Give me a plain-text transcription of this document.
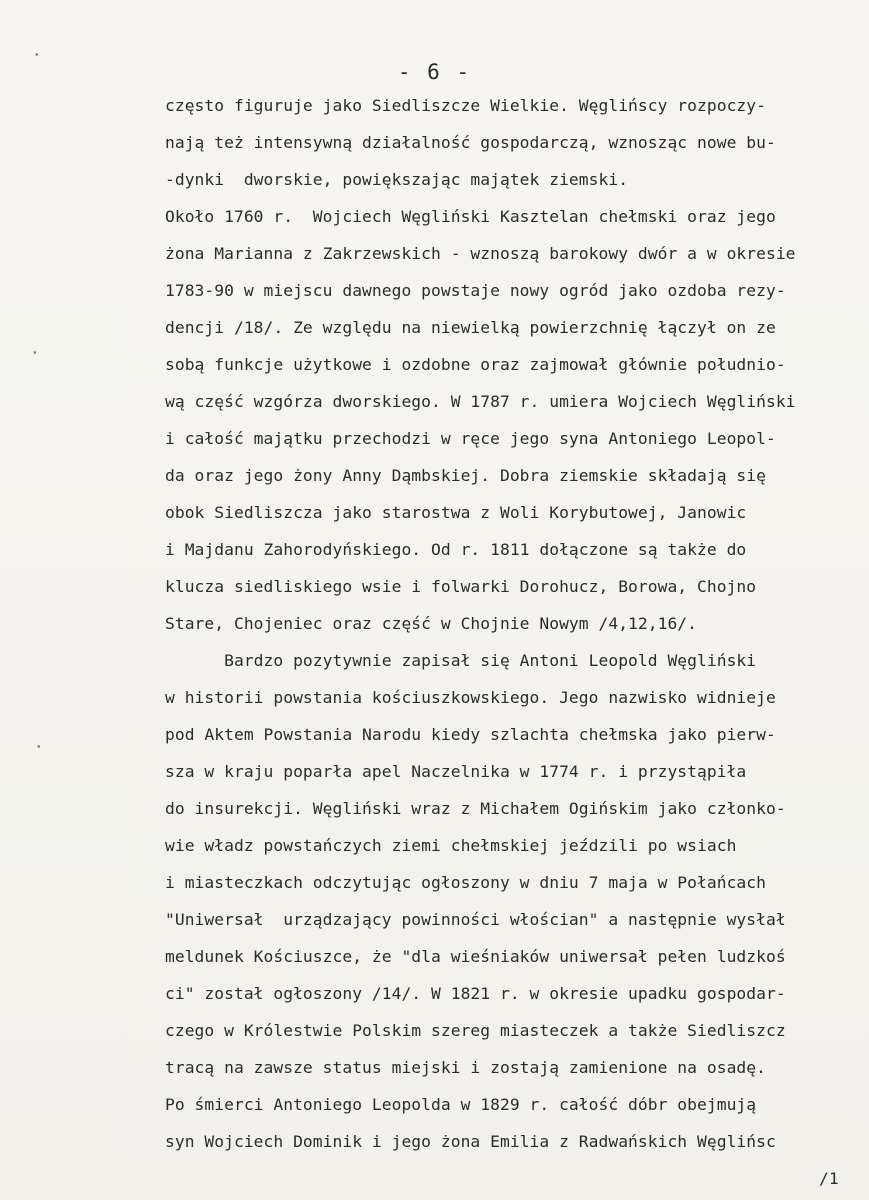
˟
˟
˟
- 6 -
często figuruje jako Siedliszcze Wielkie. Węglińscy rozpoczy-
nają też intensywną działalność gospodarczą, wznosząc nowe bu-
-dynki  dworskie, powiększając majątek ziemski.
Około 1760 r.  Wojciech Węgliński Kasztelan chełmski oraz jego
żona Marianna z Zakrzewskich - wznoszą barokowy dwór a w okresie
1783-90 w miejscu dawnego powstaje nowy ogród jako ozdoba rezy-
dencji /18/. Ze względu na niewielką powierzchnię łączył on ze
sobą funkcje użytkowe i ozdobne oraz zajmował głównie południo-
wą część wzgórza dworskiego. W 1787 r. umiera Wojciech Węgliński
i całość majątku przechodzi w ręce jego syna Antoniego Leopol-
da oraz jego żony Anny Dąmbskiej. Dobra ziemskie składają się
obok Siedliszcza jako starostwa z Woli Korybutowej, Janowic
i Majdanu Zahorodyńskiego. Od r. 1811 dołączone są także do
klucza siedliskiego wsie i folwarki Dorohucz, Borowa, Chojno
Stare, Chojeniec oraz część w Chojnie Nowym /4,12,16/.
Bardzo pozytywnie zapisał się Antoni Leopold Węgliński
w historii powstania kościuszkowskiego. Jego nazwisko widnieje
pod Aktem Powstania Narodu kiedy szlachta chełmska jako pierw-
sza w kraju poparła apel Naczelnika w 1774 r. i przystąpiła
do insurekcji. Węgliński wraz z Michałem Ogińskim jako członko-
wie władz powstańczych ziemi chełmskiej jeździli po wsiach
i miasteczkach odczytując ogłoszony w dniu 7 maja w Połańcach
"Uniwersał  urządzający powinności włościan" a następnie wysłał
meldunek Kościuszce, że "dla wieśniaków uniwersał pełen ludzkoś
ci" został ogłoszony /14/. W 1821 r. w okresie upadku gospodar-
czego w Królestwie Polskim szereg miasteczek a także Siedliszcz
tracą na zawsze status miejski i zostają zamienione na osadę.
Po śmierci Antoniego Leopolda w 1829 r. całość dóbr obejmują
syn Wojciech Dominik i jego żona Emilia z Radwańskich Węglińsc
/1
